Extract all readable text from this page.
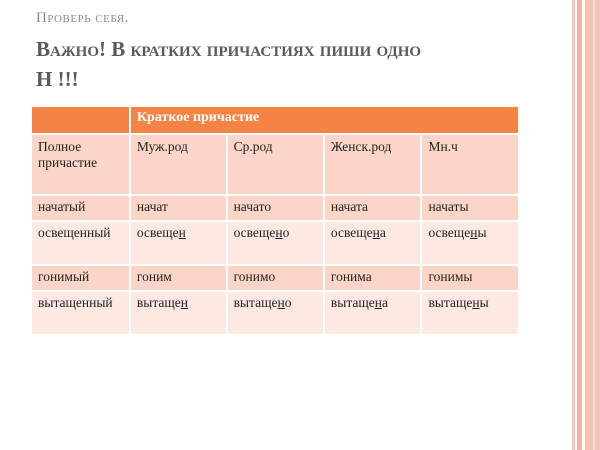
Проверь себя.
Важно! В кратких причастиях пиши одно
Н !!!
	Краткое причастие			
Полное причастие	Муж.род	Ср.род	Женск.род	Мн.ч
начатый	начат	начато	начата	начаты
освещенный	освещен	освещено	освещена	освещены
гонимый	гоним	гонимо	гонима	гонимы
вытащенный	вытащен	вытащено	вытащена	вытащены
